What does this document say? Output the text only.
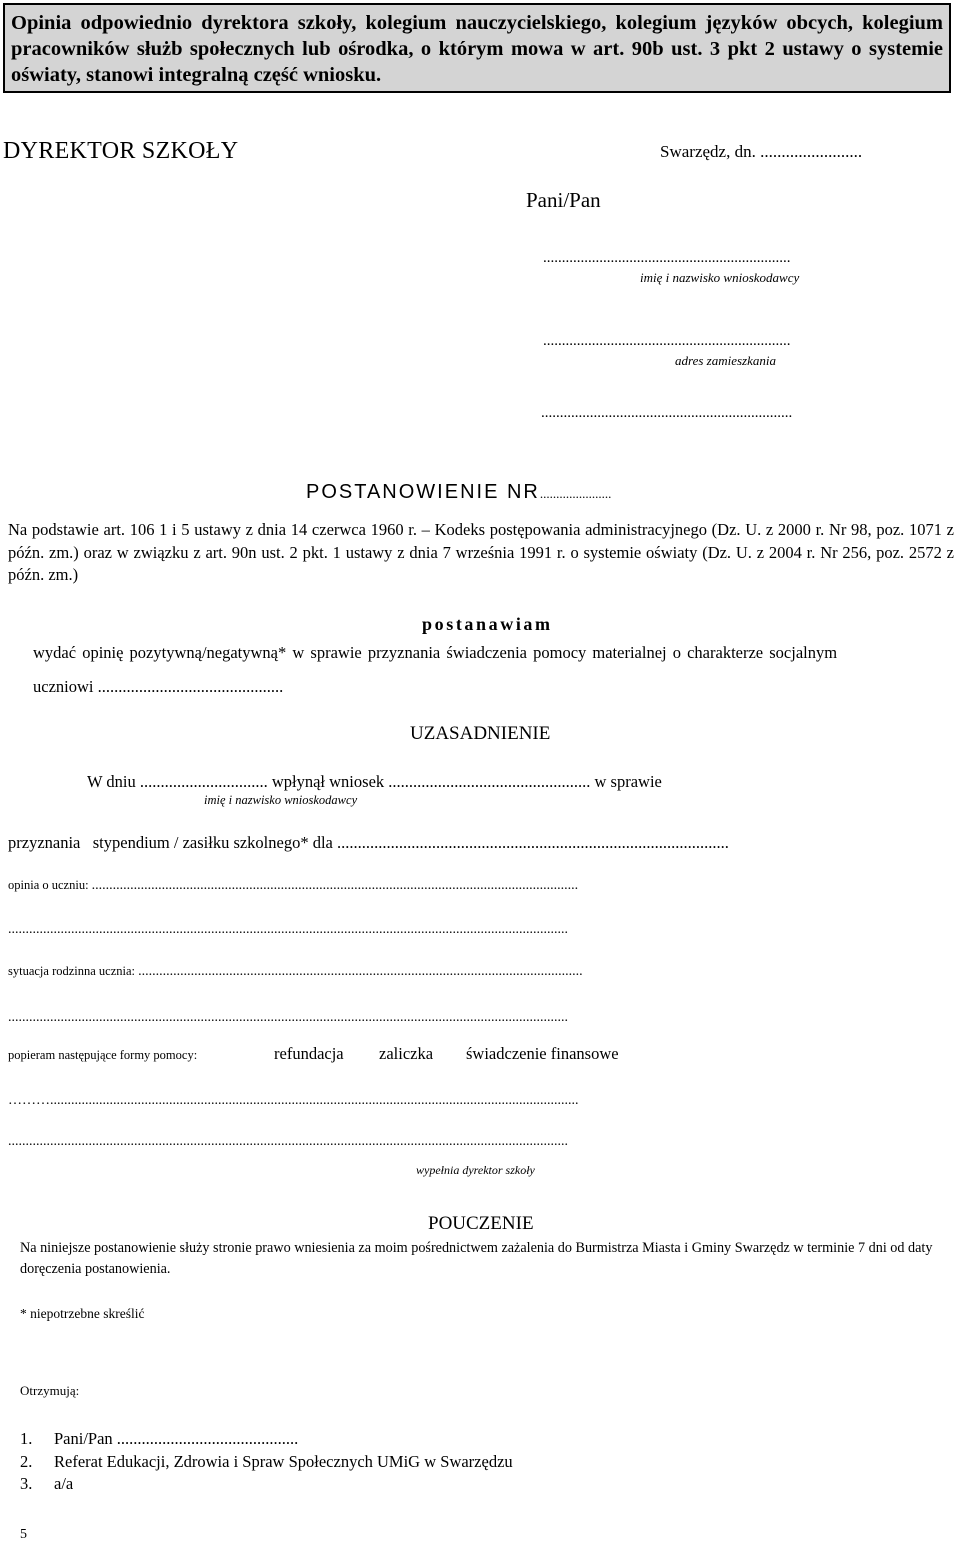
Opinia odpowiednio dyrektora szkoły, kolegium nauczycielskiego, kolegium języków obcych, kolegium pracowników służb społecznych lub ośrodka, o którym mowa w art. 90b ust. 3 pkt 2 ustawy o systemie oświaty, stanowi integralną część wniosku.

DYREKTOR SZKOŁY	Swarzędz, dn. ........................
Pani/Pan
..................................................................
imię i nazwisko wnioskodawcy
..................................................................
adres zamieszkania
...................................................................
POSTANOWIENIE NR......................

Na podstawie art. 106 1 i 5 ustawy z dnia 14 czerwca 1960 r. – Kodeks postępowania administracyjnego (Dz. U. z 2000 r. Nr 98, poz. 1071 z późn. zm.) oraz w związku z art. 90n ust. 2 pkt. 1 ustawy z dnia 7 września 1991 r. o systemie oświaty (Dz. U. z 2004 r. Nr 256, poz. 2572 z późn. zm.)

postanawiam
wydać opinię pozytywną/negatywną* w sprawie przyznania świadczenia pomocy materialnej o charakterze socjalnym
uczniowi .............................................
UZASADNIENIE
W dniu ............................... wpłynął wniosek ................................................. w sprawie
imię i nazwisko wnioskodawcy
przyznania   stypendium / zasiłku szkolnego* dla ...............................................................................................
opinia o uczniu: ...........................................................................................................................................
................................................................................................................................................................
sytuacja rodzinna ucznia: ...............................................................................................................................
................................................................................................................................................................
popieram następujące formy pomocy:	refundacja zaliczka świadczenie finansowe
……….......................................................................................................................................................
................................................................................................................................................................
wypełnia dyrektor szkoły
POUCZENIE

Na niniejsze postanowienie służy stronie prawo wniesienia za moim pośrednictwem zażalenia do Burmistrza Miasta i Gminy Swarzędz w terminie 7 dni od daty doręczenia postanowienia.

* niepotrzebne skreślić
Otrzymują:
1. Pani/Pan ............................................
2. Referat Edukacji, Zdrowia i Spraw Społecznych UMiG w Swarzędzu
3. a/a
5
